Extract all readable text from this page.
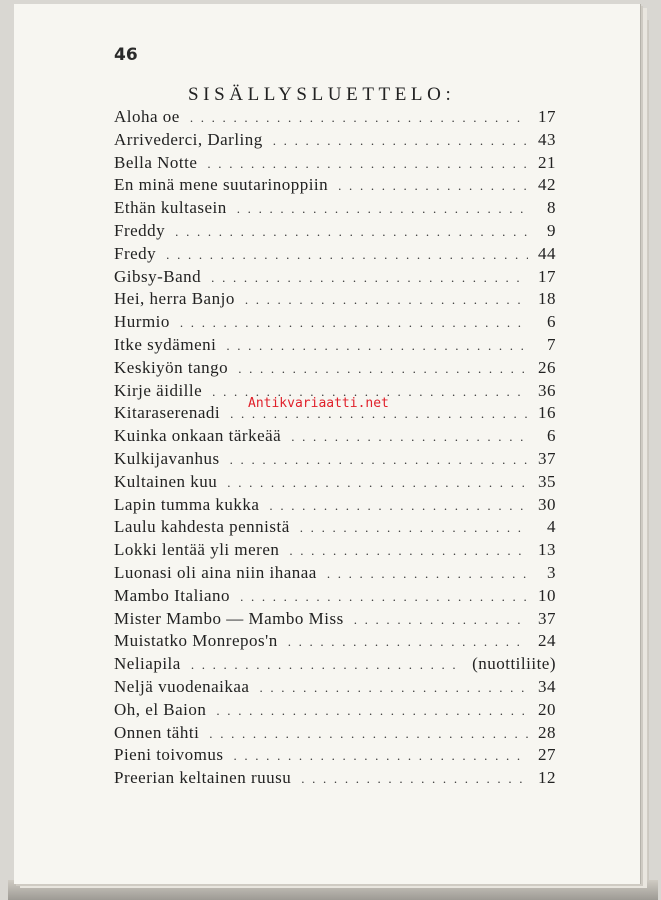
46
SISÄLLYSLUETTELO:
Aloha oe . . .	17
Arrivederci, Darling . . .	43
Bella Notte . . .	21
En minä mene suutarinoppiin . . .	42
Ethän kultasein . . .	8
Freddy . . .	9
Fredy . . .	44
Gibsy-Band . . .	17
Hei, herra Banjo . . .	18
Hurmio . . .	6
Itke sydämeni . . .	7
Keskiyön tango . . .	26
Kirje äidille . . .	36
Kitaraserenadi . . .	16
Kuinka onkaan tärkeää . . .	6
Kulkijavanhus . . .	37
Kultainen kuu . . .	35
Lapin tumma kukka . . .	30
Laulu kahdesta pennistä . . .	4
Lokki lentää yli meren . . .	13
Luonasi oli aina niin ihanaa . . .	3
Mambo Italiano . . .	10
Mister Mambo — Mambo Miss . . .	37
Muistatko Monrepos'n . . .	24
Neliapila . . .	(nuottiliite)
Neljä vuodenaikaa . . .	34
Oh, el Baion . . .	20
Onnen tähti . . .	28
Pieni toivomus . . .	27
Preerian keltainen ruusu . . .	12
Antikvariaatti.net
